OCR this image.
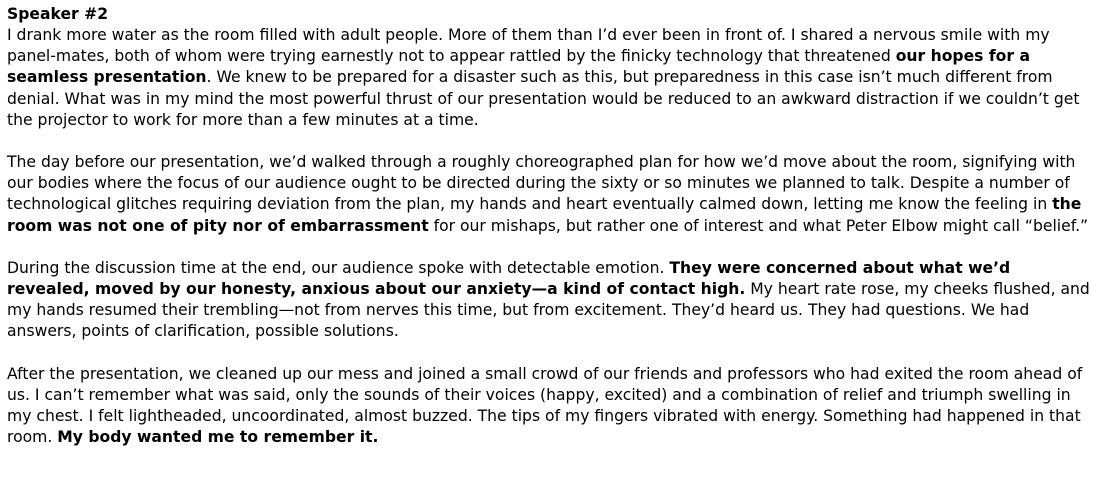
Speaker #2

I drank more water as the room filled with adult people. More of them than I’d ever been in front of. I shared a nervous smile with my panel-mates, both of whom were trying earnestly not to appear rattled by the finicky technology that threatened our hopes for a seamless presentation. We knew to be prepared for a disaster such as this, but preparedness in this case isn’t much different from denial. What was in my mind the most powerful thrust of our presentation would be reduced to an awkward distraction if we couldn’t get the projector to work for more than a few minutes at a time.

The day before our presentation, we’d walked through a roughly choreographed plan for how we’d move about the room, signifying with our bodies where the focus of our audience ought to be directed during the sixty or so minutes we planned to talk. Despite a number of technological glitches requiring deviation from the plan, my hands and heart eventually calmed down, letting me know the feeling in the room was not one of pity nor of embarrassment for our mishaps, but rather one of interest and what Peter Elbow might call “belief.”

During the discussion time at the end, our audience spoke with detectable emotion. They were concerned about what we’d revealed, moved by our honesty, anxious about our anxiety—a kind of contact high. My heart rate rose, my cheeks flushed, and my hands resumed their trembling—not from nerves this time, but from excitement. They’d heard us. They had questions. We had answers, points of clarification, possible solutions.

After the presentation, we cleaned up our mess and joined a small crowd of our friends and professors who had exited the room ahead of us. I can’t remember what was said, only the sounds of their voices (happy, excited) and a combination of relief and triumph swelling in my chest. I felt lightheaded, uncoordinated, almost buzzed. The tips of my fingers vibrated with energy. Something had happened in that room. My body wanted me to remember it.
